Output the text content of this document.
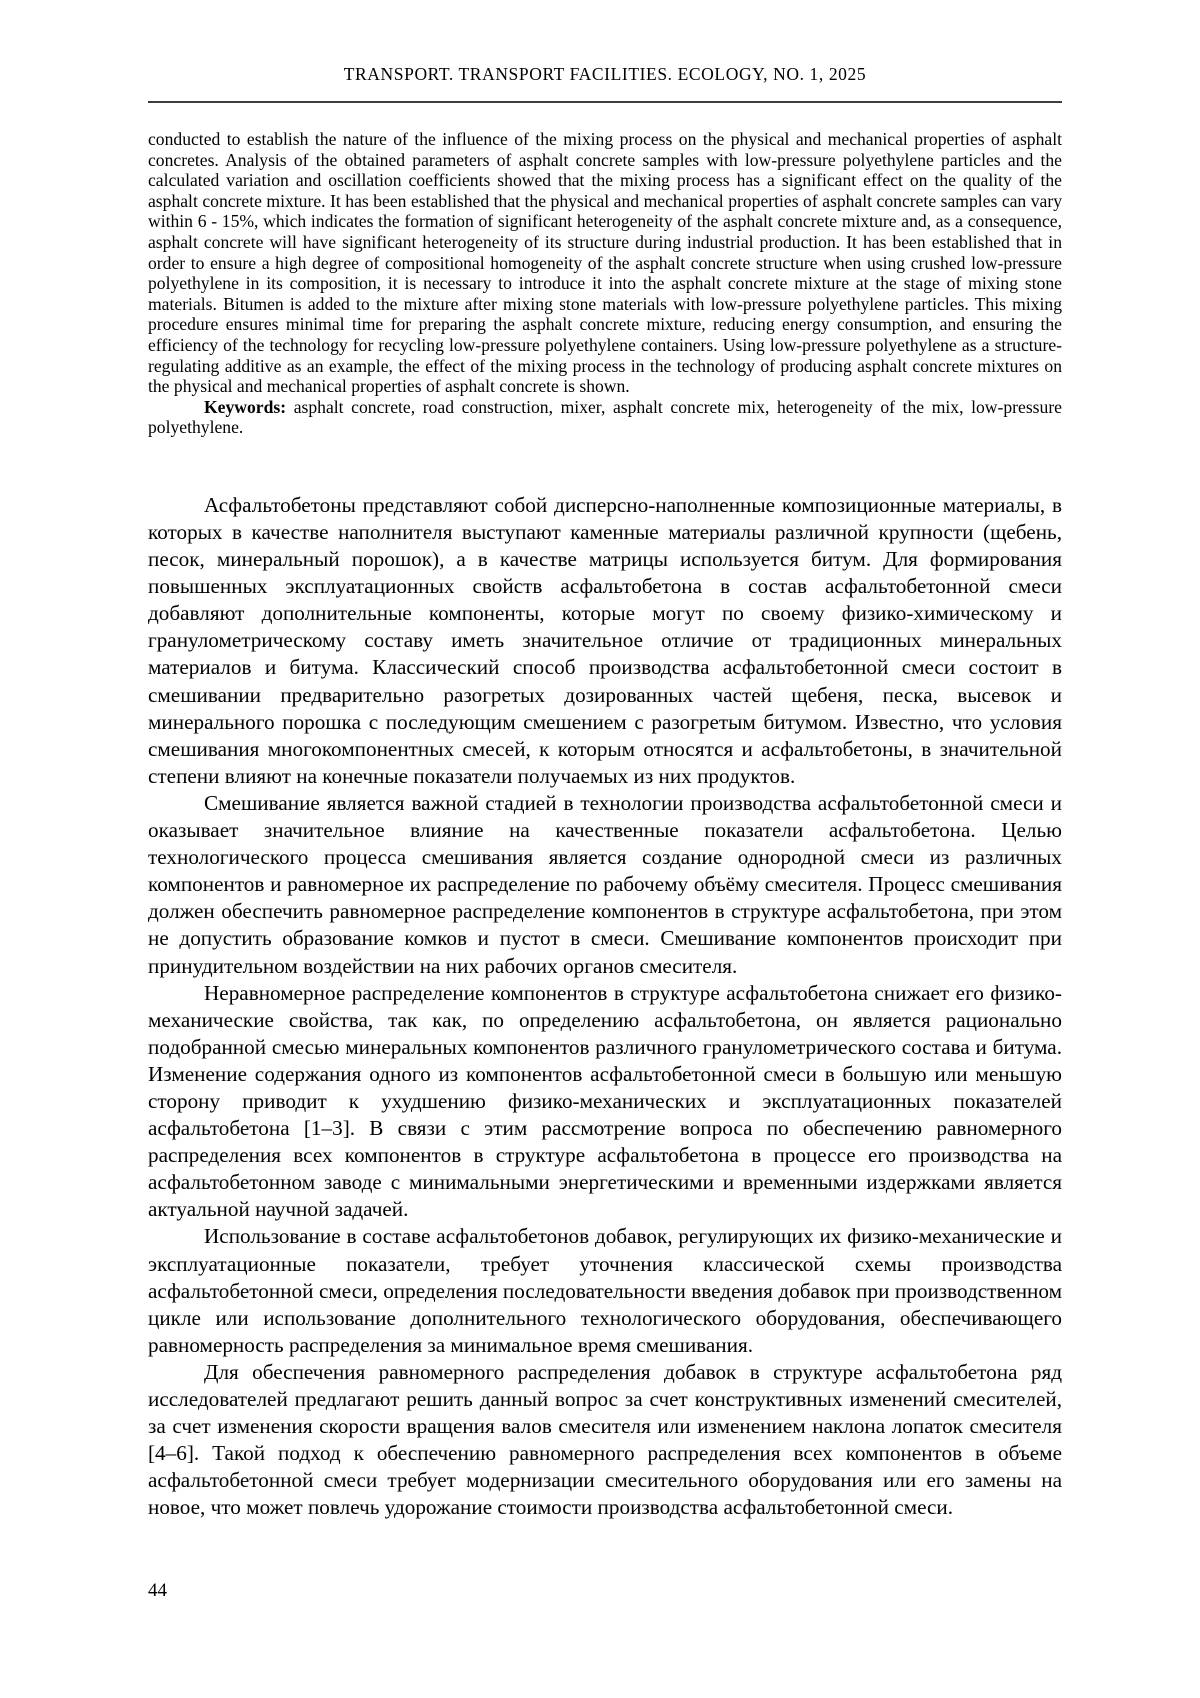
TRANSPORT. TRANSPORT FACILITIES. ECOLOGY, NO. 1, 2025

conducted to establish the nature of the influence of the mixing process on the physical and mechanical properties of asphalt concretes. Analysis of the obtained parameters of asphalt concrete samples with low-pressure polyethylene particles and the calculated variation and oscillation coefficients showed that the mixing process has a significant effect on the quality of the asphalt concrete mixture. It has been established that the physical and mechanical properties of asphalt concrete samples can vary within 6 - 15%, which indicates the formation of significant heterogeneity of the asphalt concrete mixture and, as a consequence, asphalt concrete will have significant heterogeneity of its structure during industrial production. It has been established that in order to ensure a high degree of compositional homogeneity of the asphalt concrete structure when using crushed low-pressure polyethylene in its composition, it is necessary to introduce it into the asphalt concrete mixture at the stage of mixing stone materials. Bitumen is added to the mixture after mixing stone materials with low-pressure polyethylene particles. This mixing procedure ensures minimal time for preparing the asphalt concrete mixture, reducing energy consumption, and ensuring the efficiency of the technology for recycling low-pressure polyethylene containers. Using low-pressure polyethylene as a structure-regulating additive as an example, the effect of the mixing process in the technology of producing asphalt concrete mixtures on the physical and mechanical properties of asphalt concrete is shown.

Keywords: asphalt concrete, road construction, mixer, asphalt concrete mix, heterogeneity of the mix, low-pressure polyethylene.

Асфальтобетоны представляют собой дисперсно-наполненные композиционные материалы, в которых в качестве наполнителя выступают каменные материалы различной крупности (щебень, песок, минеральный порошок), а в качестве матрицы используется битум. Для формирования повышенных эксплуатационных свойств асфальтобетона в состав асфальтобетонной смеси добавляют дополнительные компоненты, которые могут по своему физико-химическому и гранулометрическому составу иметь значительное отличие от традиционных минеральных материалов и битума. Классический способ производства асфальтобетонной смеси состоит в смешивании предварительно разогретых дозированных частей щебеня, песка, высевок и минерального порошка с последующим смешением с разогретым битумом. Известно, что условия смешивания многокомпонентных смесей, к которым относятся и асфальтобетоны, в значительной степени влияют на конечные показатели получаемых из них продуктов.

Смешивание является важной стадией в технологии производства асфальтобетонной смеси и оказывает значительное влияние на качественные показатели асфальтобетона. Целью технологического процесса смешивания является создание однородной смеси из различных компонентов и равномерное их распределение по рабочему объёму смесителя. Процесс смешивания должен обеспечить равномерное распределение компонентов в структуре асфальтобетона, при этом не допустить образование комков и пустот в смеси. Смешивание компонентов происходит при принудительном воздействии на них рабочих органов смесителя.

Неравномерное распределение компонентов в структуре асфальтобетона снижает его физико-механические свойства, так как, по определению асфальтобетона, он является рационально подобранной смесью минеральных компонентов различного гранулометрического состава и битума. Изменение содержания одного из компонентов асфальтобетонной смеси в большую или меньшую сторону приводит к ухудшению физико-механических и эксплуатационных показателей асфальтобетона [1–3]. В связи с этим рассмотрение вопроса по обеспечению равномерного распределения всех компонентов в структуре асфальтобетона в процессе его производства на асфальтобетонном заводе с минимальными энергетическими и временными издержками является актуальной научной задачей.

Использование в составе асфальтобетонов добавок, регулирующих их физико-механические и эксплуатационные показатели, требует уточнения классической схемы производства асфальтобетонной смеси, определения последовательности введения добавок при производственном цикле или использование дополнительного технологического оборудования, обеспечивающего равномерность распределения за минимальное время смешивания.

Для обеспечения равномерного распределения добавок в структуре асфальтобетона ряд исследователей предлагают решить данный вопрос за счет конструктивных изменений смесителей, за счет изменения скорости вращения валов смесителя или изменением наклона лопаток смесителя [4–6]. Такой подход к обеспечению равномерного распределения всех компонентов в объеме асфальтобетонной смеси требует модернизации смесительного оборудования или его замены на новое, что может повлечь удорожание стоимости производства асфальтобетонной смеси.

44
